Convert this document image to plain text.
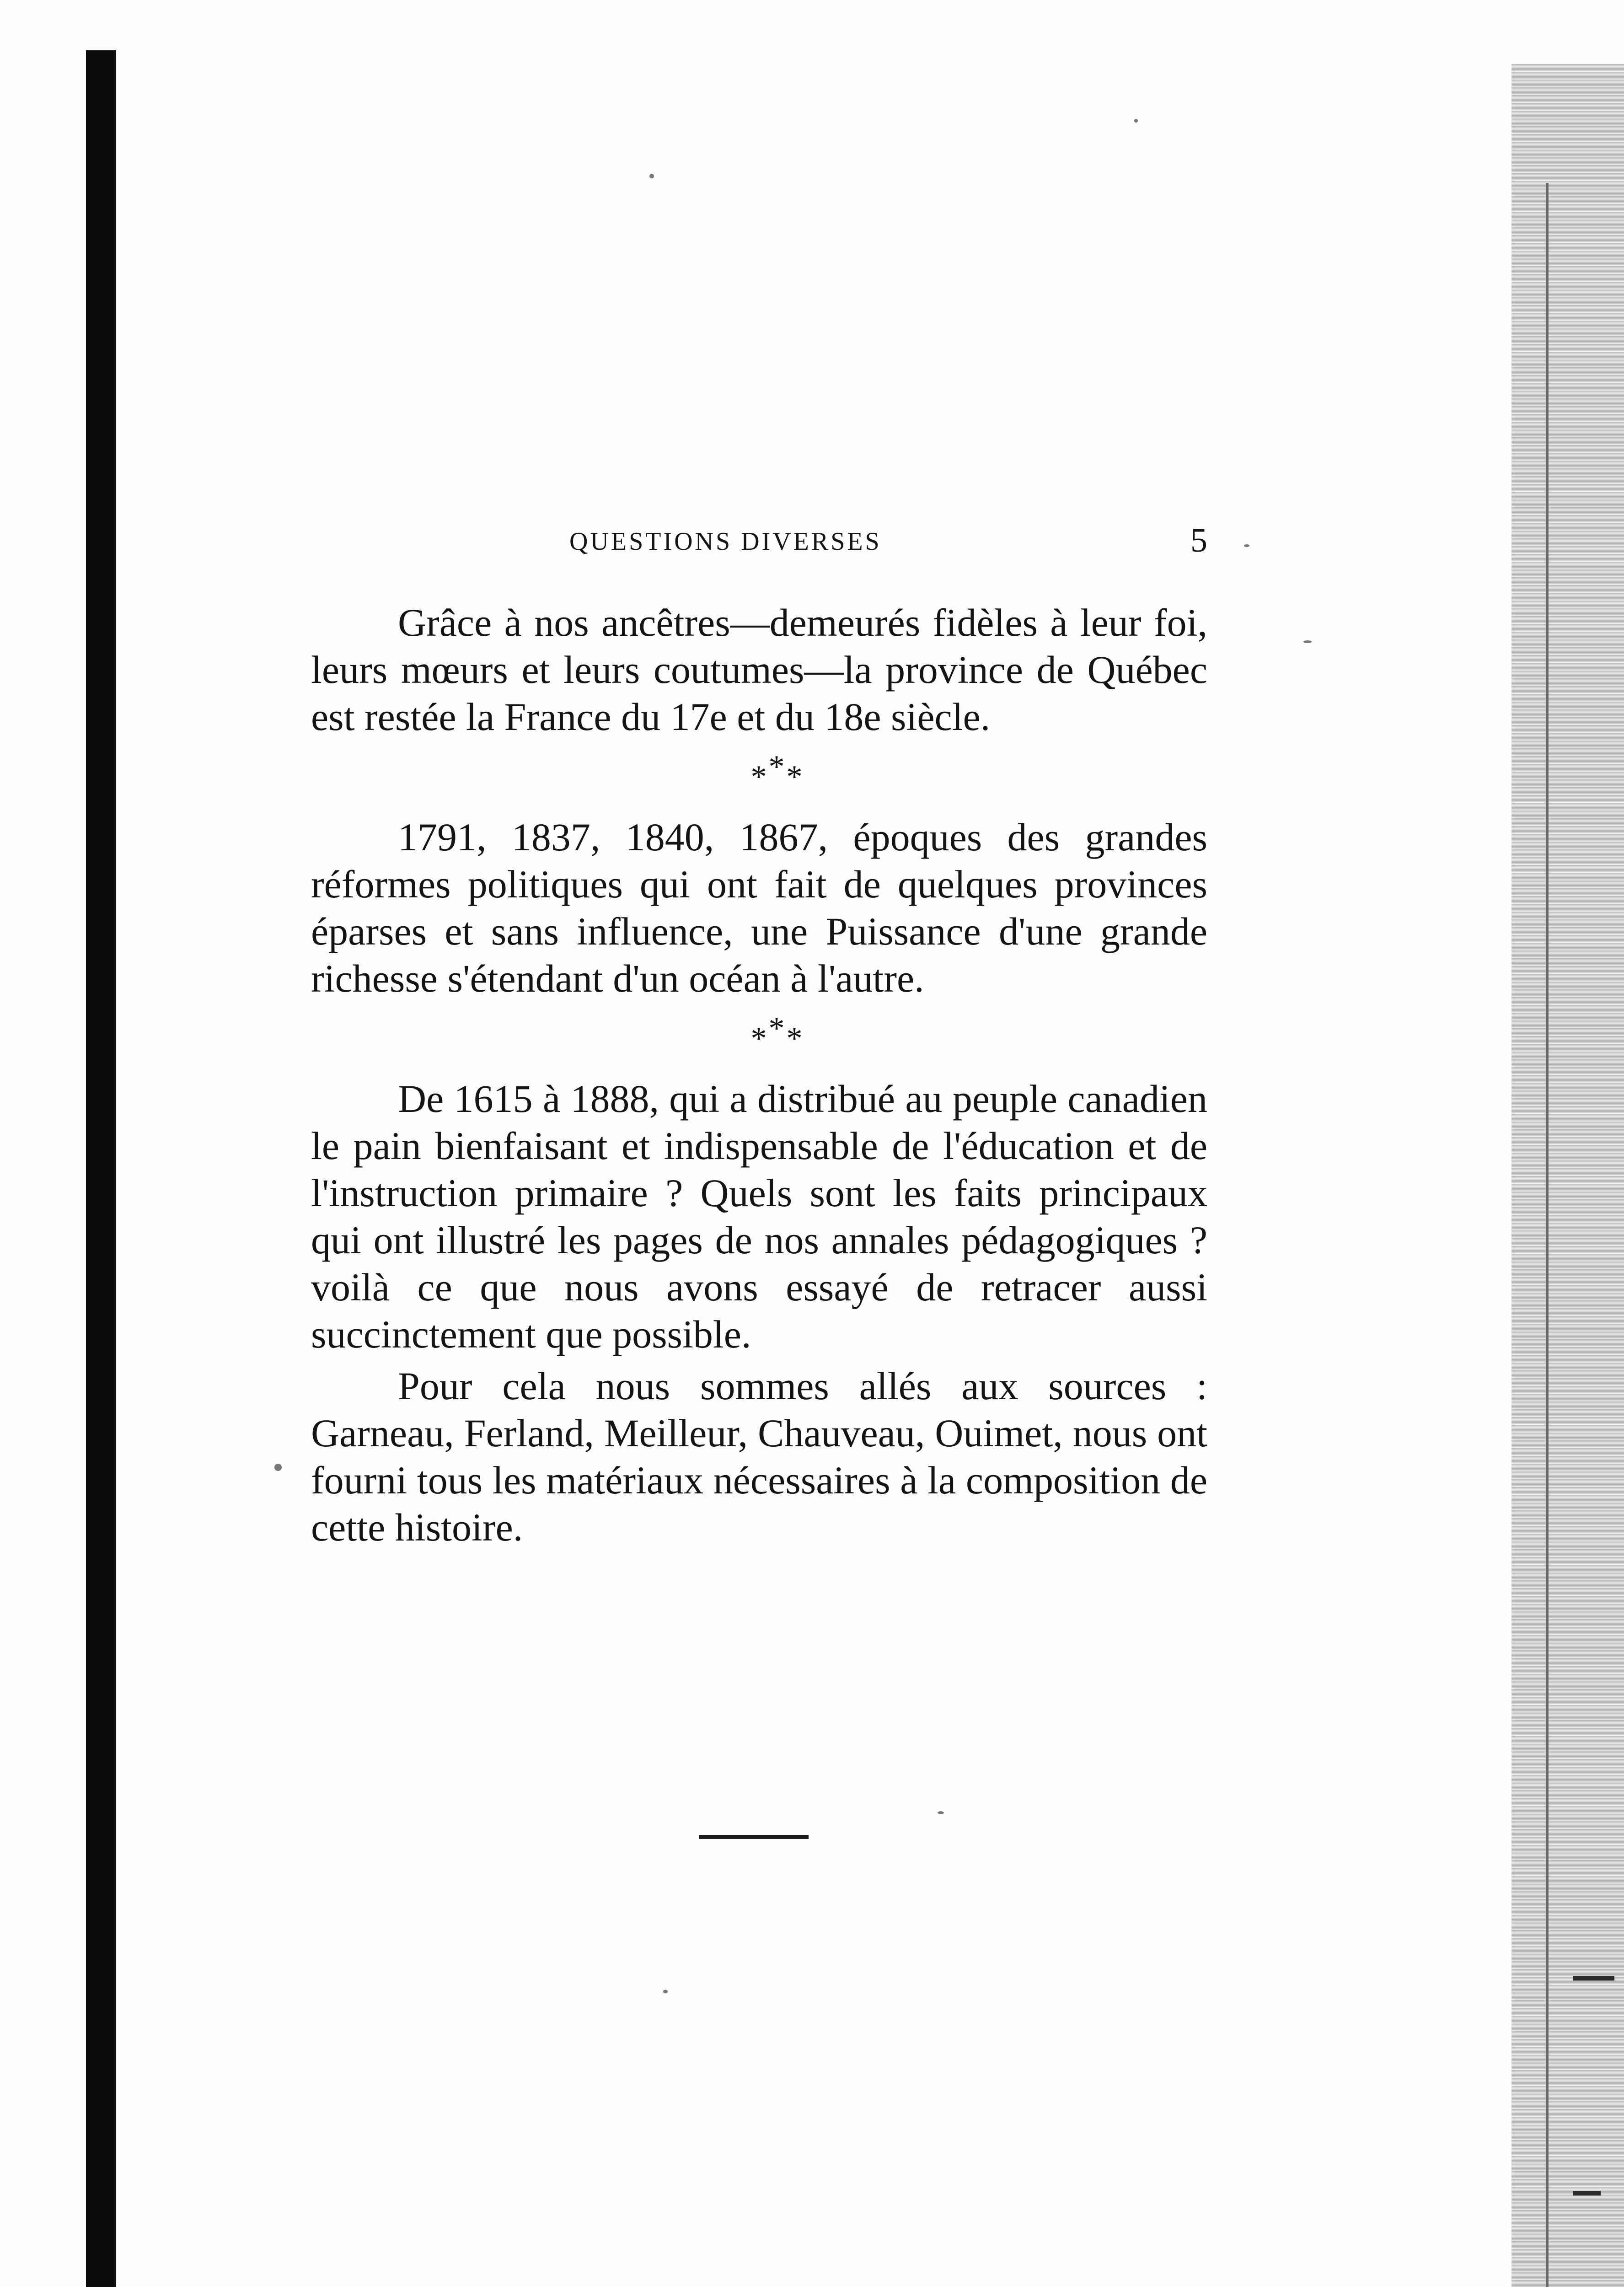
QUESTIONS DIVERSES	5

Grâce à nos ancêtres—demeurés fidèles à leur foi, leurs mœurs et leurs coutumes—la province de Québec est restée la France du 17e et du 18e siècle.

***

1791, 1837, 1840, 1867, époques des grandes réformes politiques qui ont fait de quelques provinces éparses et sans influence, une Puissance d'une grande richesse s'étendant d'un océan à l'autre.

***

De 1615 à 1888, qui a distribué au peuple canadien le pain bienfaisant et indispensable de l'éducation et de l'instruction primaire ? Quels sont les faits principaux qui ont illustré les pages de nos annales pédagogiques ? voilà ce que nous avons essayé de retracer aussi succinctement que possible.

Pour cela nous sommes allés aux sources : Garneau, Ferland, Meilleur, Chauveau, Ouimet, nous ont fourni tous les matériaux nécessaires à la composition de cette histoire.
